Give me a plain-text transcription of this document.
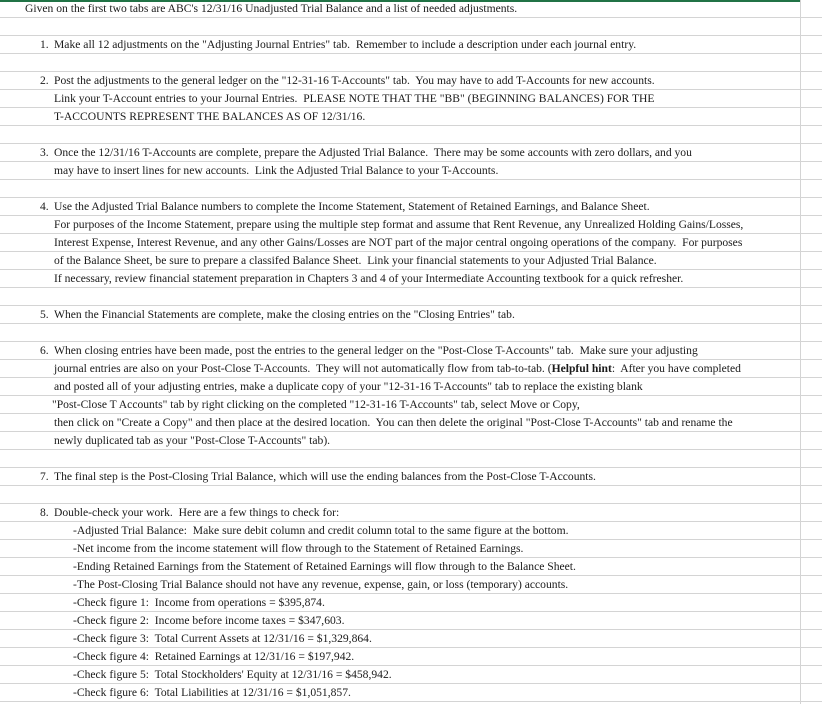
Given on the first two tabs are ABC's 12/31/16 Unadjusted Trial Balance and a list of needed adjustments.
1. Make all 12 adjustments on the "Adjusting Journal Entries" tab.  Remember to include a description under each journal entry.
2. Post the adjustments to the general ledger on the "12-31-16 T-Accounts" tab.  You may have to add T-Accounts for new accounts.
Link your T-Account entries to your Journal Entries.  PLEASE NOTE THAT THE "BB" (BEGINNING BALANCES) FOR THE
T-ACCOUNTS REPRESENT THE BALANCES AS OF 12/31/16.
3. Once the 12/31/16 T-Accounts are complete, prepare the Adjusted Trial Balance.  There may be some accounts with zero dollars, and you
may have to insert lines for new accounts.  Link the Adjusted Trial Balance to your T-Accounts.
4. Use the Adjusted Trial Balance numbers to complete the Income Statement, Statement of Retained Earnings, and Balance Sheet.
For purposes of the Income Statement, prepare using the multiple step format and assume that Rent Revenue, any Unrealized Holding Gains/Losses,
Interest Expense, Interest Revenue, and any other Gains/Losses are NOT part of the major central ongoing operations of the company.  For purposes
of the Balance Sheet, be sure to prepare a classifed Balance Sheet.  Link your financial statements to your Adjusted Trial Balance.
If necessary, review financial statement preparation in Chapters 3 and 4 of your Intermediate Accounting textbook for a quick refresher.
5. When the Financial Statements are complete, make the closing entries on the "Closing Entries" tab.
6. When closing entries have been made, post the entries to the general ledger on the "Post-Close T-Accounts" tab.  Make sure your adjusting
journal entries are also on your Post-Close T-Accounts.  They will not automatically flow from tab-to-tab. (Helpful hint:  After you have completed
and posted all of your adjusting entries, make a duplicate copy of your "12-31-16 T-Accounts" tab to replace the existing blank
"Post-Close T Accounts" tab by right clicking on the completed "12-31-16 T-Accounts" tab, select Move or Copy,
then click on "Create a Copy" and then place at the desired location.  You can then delete the original "Post-Close T-Accounts" tab and rename the
newly duplicated tab as your "Post-Close T-Accounts" tab).
7. The final step is the Post-Closing Trial Balance, which will use the ending balances from the Post-Close T-Accounts.
8. Double-check your work.  Here are a few things to check for:
-Adjusted Trial Balance:  Make sure debit column and credit column total to the same figure at the bottom.
-Net income from the income statement will flow through to the Statement of Retained Earnings.
-Ending Retained Earnings from the Statement of Retained Earnings will flow through to the Balance Sheet.
-The Post-Closing Trial Balance should not have any revenue, expense, gain, or loss (temporary) accounts.
-Check figure 1:  Income from operations = $395,874.
-Check figure 2:  Income before income taxes = $347,603.
-Check figure 3:  Total Current Assets at 12/31/16 = $1,329,864.
-Check figure 4:  Retained Earnings at 12/31/16 = $197,942.
-Check figure 5:  Total Stockholders' Equity at 12/31/16 = $458,942.
-Check figure 6:  Total Liabilities at 12/31/16 = $1,051,857.
